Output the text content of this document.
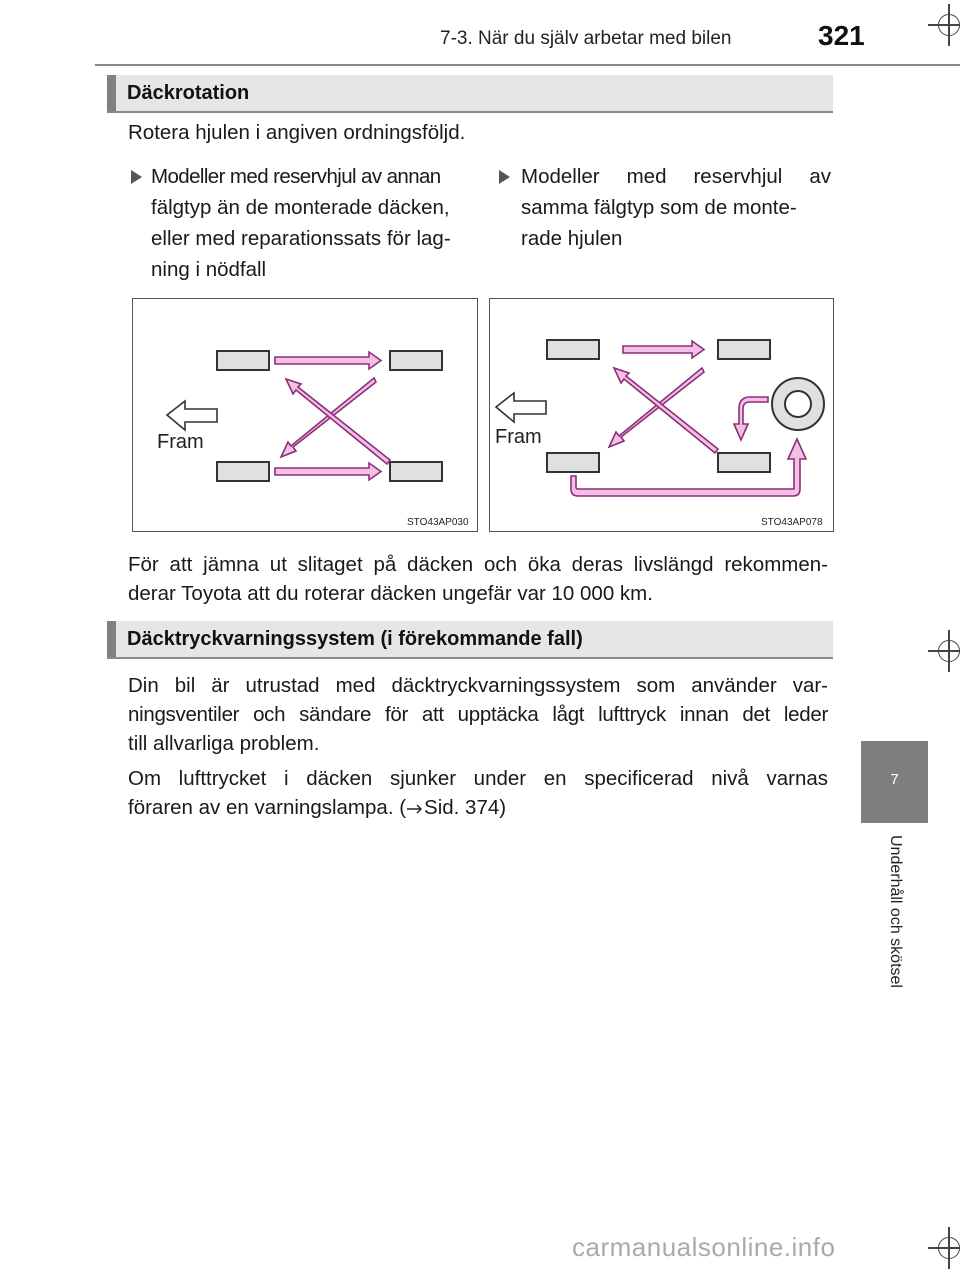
7-3. När du själv arbetar med bilen	321
Däckrotation
Rotera hjulen i angiven ordningsföljd.
Modeller med reservhjul av annan
fälgtyp än de monterade däcken,
eller med reparationssats för lag-
ning i nödfall
Modeller med reservhjul av
samma fälgtyp som de monte-
rade hjulen
Fram
STO43AP030
Fram
STO43AP078
För att jämna ut slitaget på däcken och öka deras livslängd rekommen-
derar Toyota att du roterar däcken ungefär var 10 000 km.
Däcktryckvarningssystem (i förekommande fall)
Din bil är utrustad med däcktryckvarningssystem som använder var-
ningsventiler och sändare för att upptäcka lågt lufttryck innan det leder
till allvarliga problem.
Om lufttrycket i däcken sjunker under en specificerad nivå varnas
föraren av en varningslampa. ( Sid. 374)
7
Underhåll och skötsel
carmanualsonline.info
